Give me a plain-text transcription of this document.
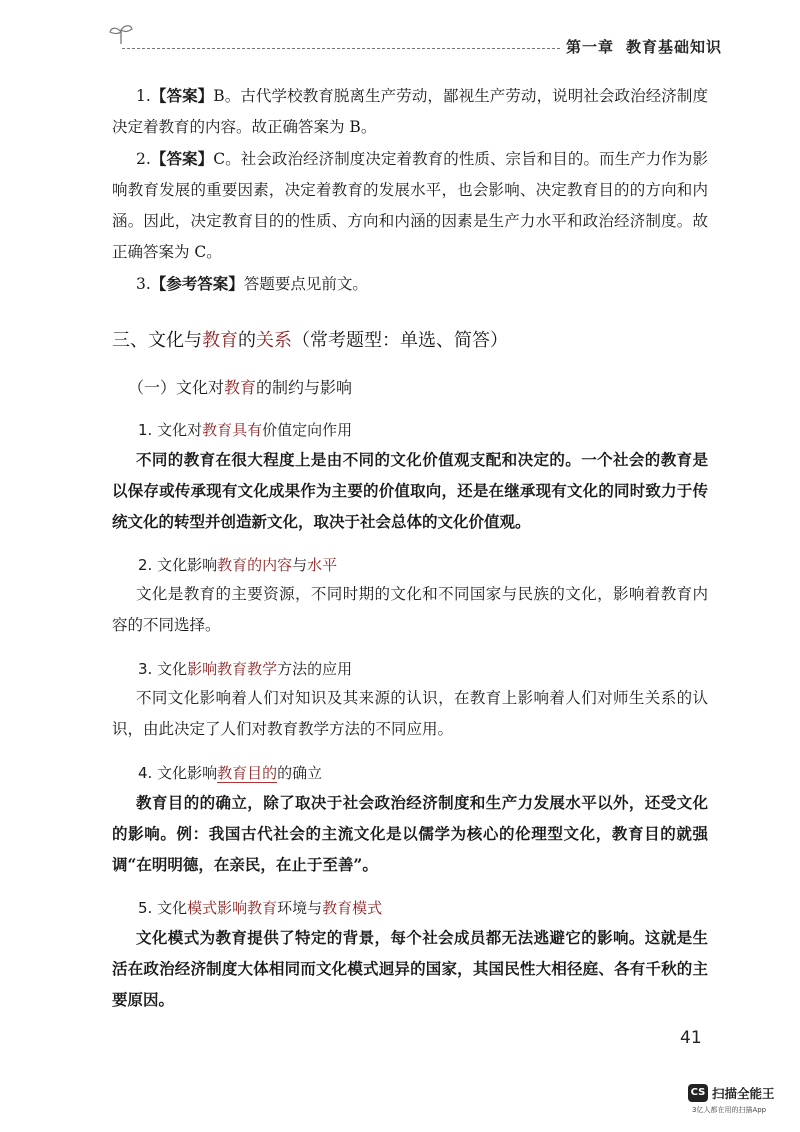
第一章 教育基础知识

1.【答案】B。古代学校教育脱离生产劳动，鄙视生产劳动，说明社会政治经济制度决定着教育的内容。故正确答案为 B。

2.【答案】C。社会政治经济制度决定着教育的性质、宗旨和目的。而生产力作为影响教育发展的重要因素，决定着教育的发展水平，也会影响、决定教育目的的方向和内涵。因此，决定教育目的的性质、方向和内涵的因素是生产力水平和政治经济制度。故正确答案为 C。

3.【参考答案】答题要点见前文。

三、文化与教育的关系（常考题型：单选、简答）
（一）文化对教育的制约与影响
1. 文化对教育具有价值定向作用

不同的教育在很大程度上是由不同的文化价值观支配和决定的。一个社会的教育是以保存或传承现有文化成果作为主要的价值取向，还是在继承现有文化的同时致力于传统文化的转型并创造新文化，取决于社会总体的文化价值观。

2. 文化影响教育的内容与水平

文化是教育的主要资源，不同时期的文化和不同国家与民族的文化，影响着教育内容的不同选择。

3. 文化影响教育教学方法的应用

不同文化影响着人们对知识及其来源的认识，在教育上影响着人们对师生关系的认识，由此决定了人们对教育教学方法的不同应用。

4. 文化影响教育目的的确立

教育目的的确立，除了取决于社会政治经济制度和生产力发展水平以外，还受文化的影响。例：我国古代社会的主流文化是以儒学为核心的伦理型文化，教育目的就强调“在明明德，在亲民，在止于至善”。

5. 文化模式影响教育环境与教育模式

文化模式为教育提供了特定的背景，每个社会成员都无法逃避它的影响。这就是生活在政治经济制度大体相同而文化模式迥异的国家，其国民性大相径庭、各有千秋的主要原因。

41
CS 扫描全能王
3亿人都在用的扫描App
